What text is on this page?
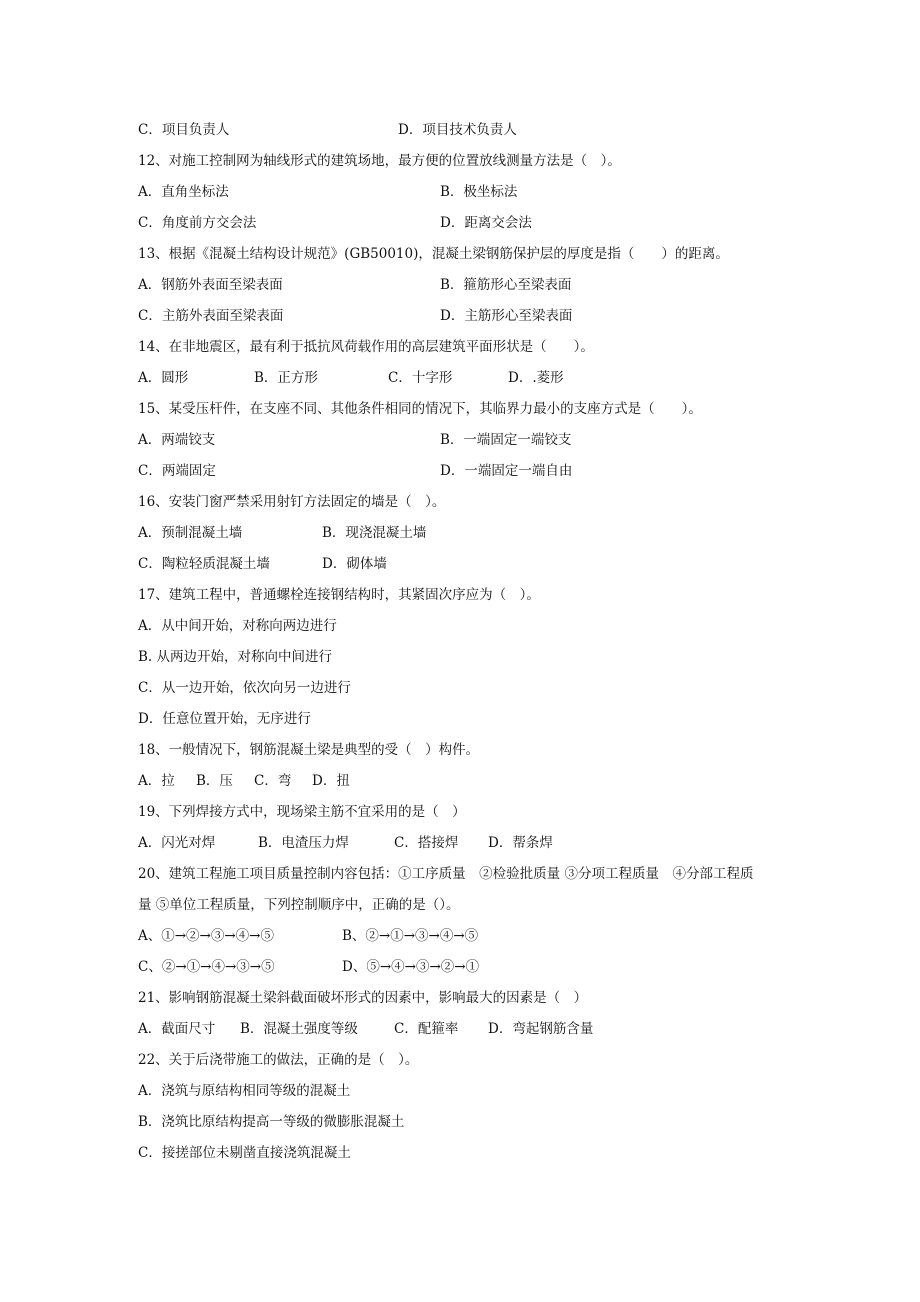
C．项目负责人	D．项目技术负责人
12、对施工控制网为轴线形式的建筑场地，最方便的位置放线测量方法是（　）。
A．直角坐标法	B．极坐标法
C．角度前方交会法	D．距离交会法
13、根据《混凝土结构设计规范》(GB50010)，混凝土梁钢筋保护层的厚度是指（　　）的距离。
A．钢筋外表面至梁表面	B．箍筋形心至梁表面
C．主筋外表面至梁表面	D．主筋形心至梁表面
14、在非地震区，最有利于抵抗风荷载作用的高层建筑平面形状是（　　）。
A．圆形	B．正方形	C．十字形	D．.菱形
15、某受压杆件，在支座不同、其他条件相同的情况下，其临界力最小的支座方式是（　　）。
A．两端铰支	B．一端固定一端铰支
C．两端固定	D．一端固定一端自由
16、安装门窗严禁采用射钉方法固定的墙是（　）。
A．预制混凝土墙	B．现浇混凝土墙
C．陶粒轻质混凝土墙	D．砌体墙
17、建筑工程中，普通螺栓连接钢结构时，其紧固次序应为（　）。
A．从中间开始，对称向两边进行
B. 从两边开始，对称向中间进行
C．从一边开始，依次向另一边进行
D．任意位置开始，无序进行
18、一般情况下，钢筋混凝土梁是典型的受（　）构件。
A．拉 B．压 C．弯 D．扭
19、下列焊接方式中，现场梁主筋不宜采用的是（　）
A．闪光对焊	B．电渣压力焊	C．搭接焊 D．帮条焊
20、建筑工程施工项目质量控制内容包括：①工序质量　②检验批质量 ③分项工程质量　④分部工程质
量 ⑤单位工程质量，下列控制顺序中，正确的是（）。
A、①→②→③→④→⑤	B、②→①→③→④→⑤
C、②→①→④→③→⑤	D、⑤→④→③→②→①
21、影响钢筋混凝土梁斜截面破坏形式的因素中，影响最大的因素是（　）
A．截面尺寸 B．混凝土强度等级	C．配箍率 D．弯起钢筋含量
22、关于后浇带施工的做法，正确的是（　）。
A．浇筑与原结构相同等级的混凝土
B．浇筑比原结构提高一等级的微膨胀混凝土
C．接搓部位未剔凿直接浇筑混凝土
